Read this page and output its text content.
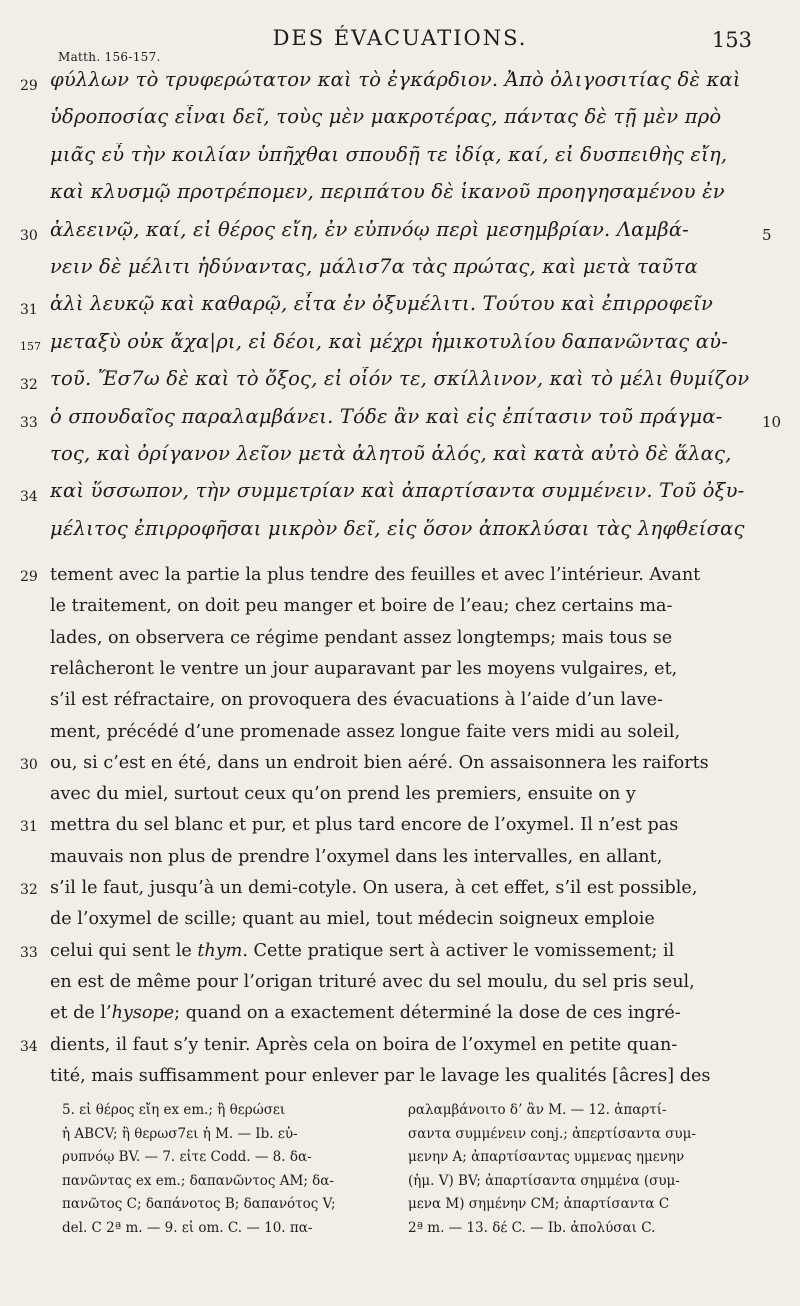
Matth. 156-157.
DES ÉVACUATIONS.	153
29 φύλλων τὸ τρυφερώτατον καὶ τὸ ἐγκάρδιον. Ἀπὸ ὀλιγοσιτίας δὲ καὶ
ὑδροποσίας εἶναι δεῖ, τοὺς μὲν μακροτέρας, πάντας δὲ τῇ μὲν πρὸ
μιᾶς εὖ τὴν κοιλίαν ὑπῆχθαι σπουδῇ τε ἰδίᾳ, καί, εἰ δυσπειθὴς εἴη,
καὶ κλυσμῷ προτρέπομεν, περιπάτου δὲ ἱκανοῦ προηγησαμένου ἐν
30 ἀλεεινῷ, καί, εἰ θέρος εἴη, ἐν εὐπνόῳ περὶ μεσημβρίαν. Λαμβά-	5
νειν δὲ μέλιτι ἡδύναντας, μάλισ7α τὰς πρώτας, καὶ μετὰ ταῦτα
31 ἁλὶ λευκῷ καὶ καθαρῷ, εἶτα ἐν ὀξυμέλιτι. Τούτου καὶ ἐπιρροφεῖν
157 μεταξὺ οὐκ ἄχα|ρι, εἰ δέοι, καὶ μέχρι ἡμικοτυλίου δαπανῶντας αὐ-
32 τοῦ. Ἔσ7ω δὲ καὶ τὸ ὄξος, εἰ οἷόν τε, σκίλλινον, καὶ τὸ μέλι θυμίζον
33 ὁ σπουδαῖος παραλαμβάνει. Τόδε ἂν καὶ εἰς ἐπίτασιν τοῦ πράγμα-	10
τος, καὶ ὀρίγανον λεῖον μετὰ ἀλητοῦ ἁλός, καὶ κατὰ αὐτὸ δὲ ἅλας,
34 καὶ ὕσσωπον, τὴν συμμετρίαν καὶ ἀπαρτίσαντα συμμένειν. Τοῦ ὀξυ-
μέλιτος ἐπιρροφῆσαι μικρὸν δεῖ, εἰς ὅσον ἀποκλύσαι τὰς ληφθείσας
29 tement avec la partie la plus tendre des feuilles et avec l’intérieur. Avant
le traitement, on doit peu manger et boire de l’eau; chez certains ma-
lades, on observera ce régime pendant assez longtemps; mais tous se
relâcheront le ventre un jour auparavant par les moyens vulgaires, et,
s’il est réfractaire, on provoquera des évacuations à l’aide d’un lave-
ment, précédé d’une promenade assez longue faite vers midi au soleil,
30 ou, si c’est en été, dans un endroit bien aéré. On assaisonnera les raiforts
avec du miel, surtout ceux qu’on prend les premiers, ensuite on y
31 mettra du sel blanc et pur, et plus tard encore de l’oxymel. Il n’est pas
mauvais non plus de prendre l’oxymel dans les intervalles, en allant,
32 s’il le faut, jusqu’à un demi-cotyle. On usera, à cet effet, s’il est possible,
de l’oxymel de scille; quant au miel, tout médecin soigneux emploie
33 celui qui sent le thym. Cette pratique sert à activer le vomissement; il
en est de même pour l’origan trituré avec du sel moulu, du sel pris seul,
et de l’hysope; quand on a exactement déterminé la dose de ces ingré-
34 dients, il faut s’y tenir. Après cela on boira de l’oxymel en petite quan-
tité, mais suffisamment pour enlever par le lavage les qualités [âcres] des
5. εἰ θέρος εἴη ex em.; ἢ θερώσει
ἡ ABCV; ἢ θερωσ7ει ἡ M. — Ib. εὐ-
ρυπνόῳ BV. — 7. εἶτε Codd. — 8. δα-
πανῶντας ex em.; δαπανῶντος AM; δα-
πανῶτος C; δαπάνοτος B; δαπανότος V;
del. C 2ª m. — 9. εἰ om. C. — 10. πα-
ραλαμβάνοιτο δ’ ἂν M. — 12. ἀπαρτί-
σαντα συμμένειν conj.; ἀπερτίσαντα συμ-
μενην A; ἀπαρτίσαντας υμμενας ημενην
(ἡμ. V) BV; ἀπαρτίσαντα σημμένα (συμ-
μενα M) σημένην CM; ἀπαρτίσαντα C
2ª m. — 13. δέ C. — Ib. ἀπολύσαι C.
